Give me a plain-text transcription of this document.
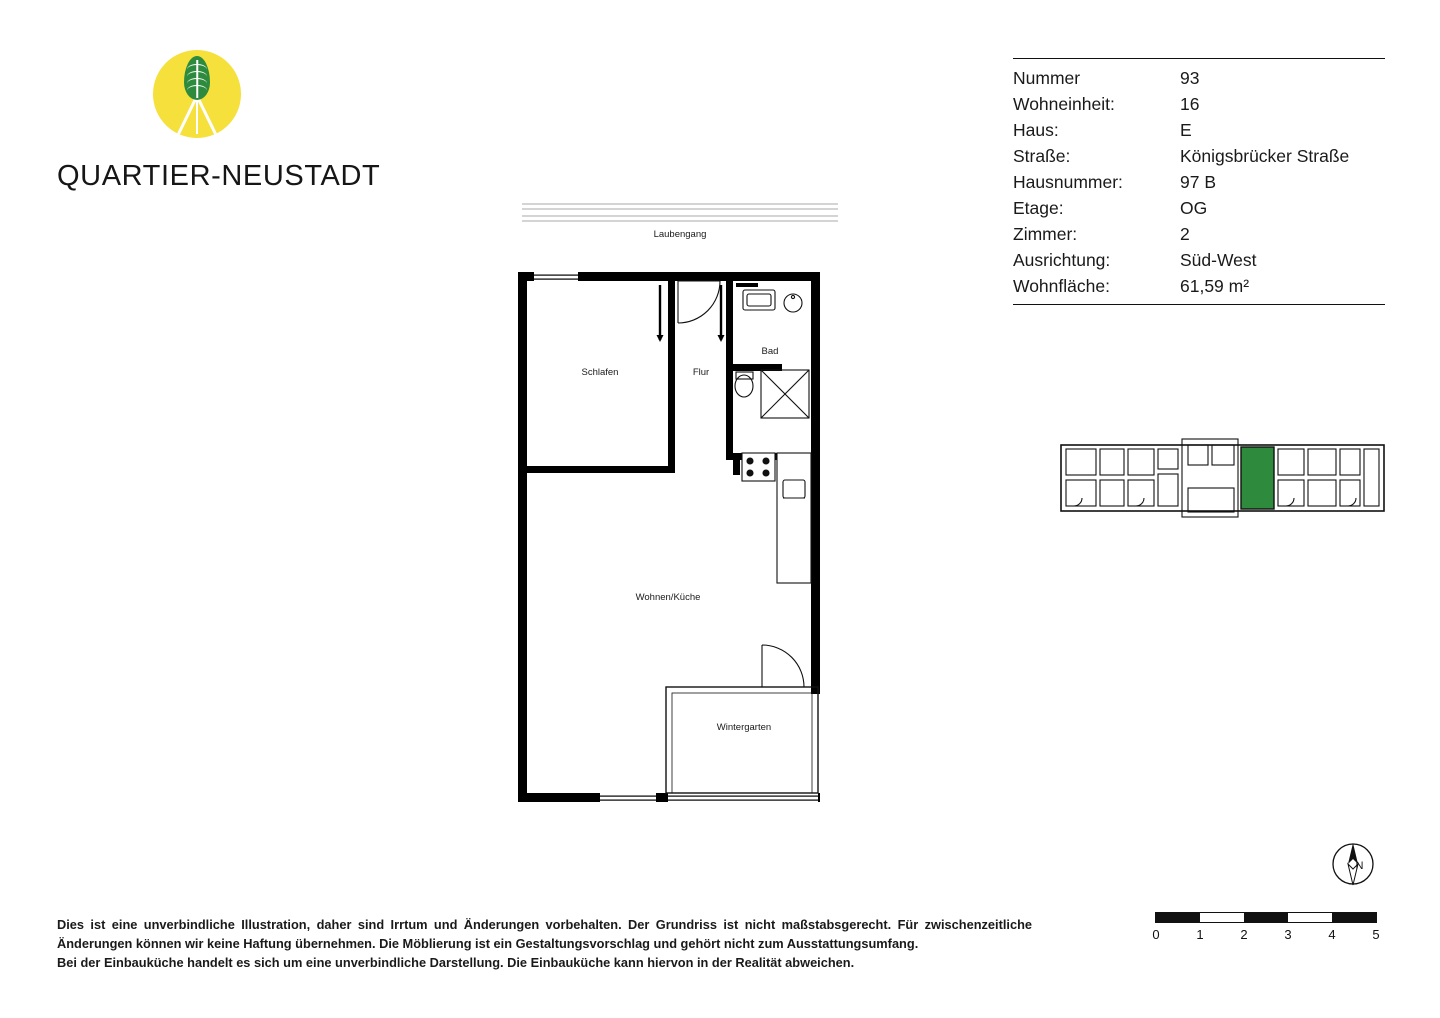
QUARTIER-NEUSTADT
Nummer	93
Wohneinheit:	16
Haus:	E
Straße:	Königsbrücker Straße
Hausnummer:	97 B
Etage:	OG
Zimmer:	2
Ausrichtung:	Süd-West
Wohnfläche:	61,59 m²
N
0	1	2	3	4	5
Laubengang
Schlafen	Flur
Bad
Wohnen/Küche
Wintergarten

Dies ist eine unverbindliche Illustration, daher sind Irrtum und Änderungen vorbehalten. Der Grundriss ist nicht maßstabsgerecht. Für zwischenzeitliche Änderungen können wir keine Haftung übernehmen. Die Möblierung ist ein Gestaltungsvorschlag und gehört nicht zum Ausstattungsumfang.

Bei der Einbauküche handelt es sich um eine unverbindliche Darstellung. Die Einbauküche kann hiervon in der Realität abweichen.
